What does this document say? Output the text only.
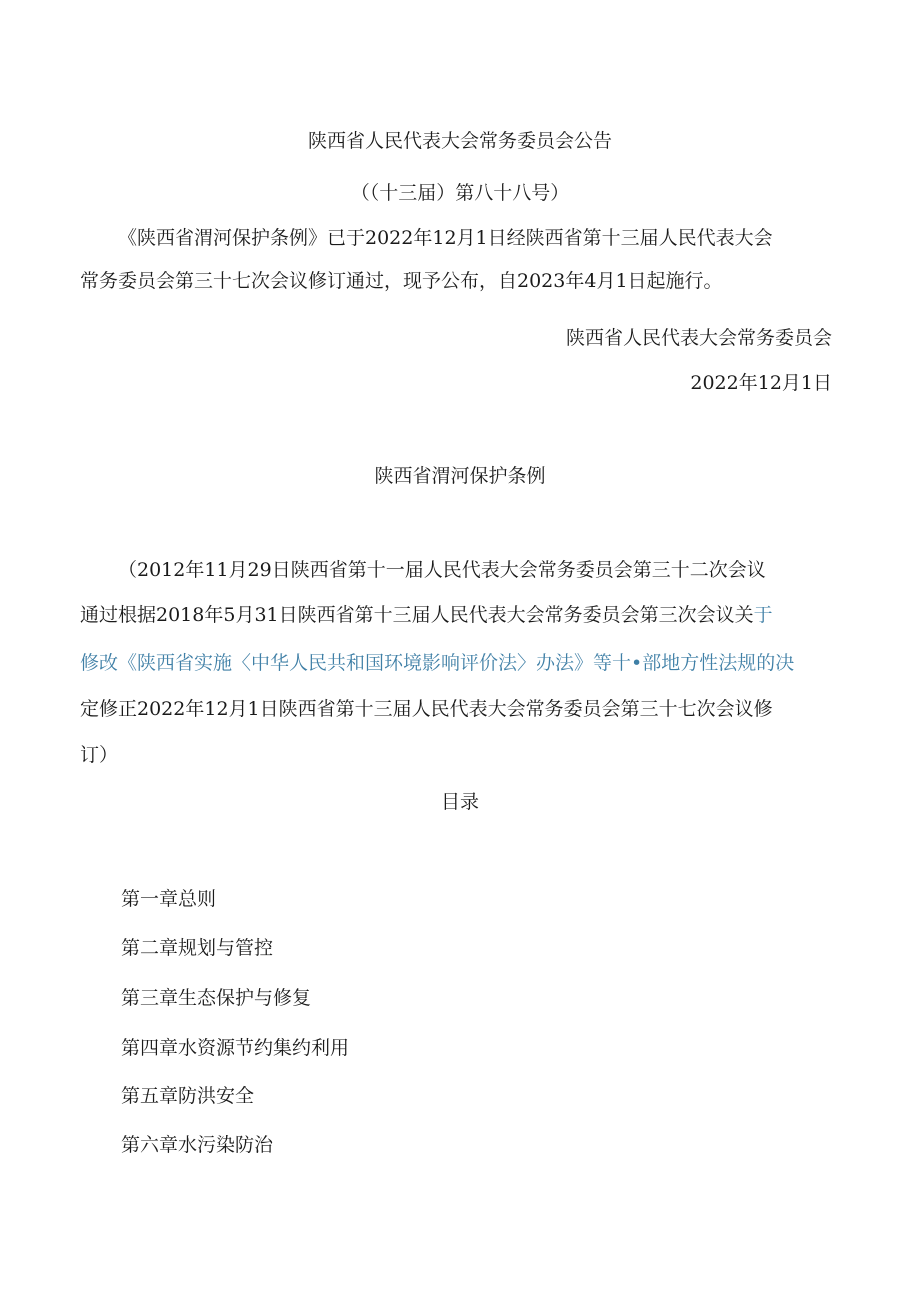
陕西省人民代表大会常务委员会公告
（（十三届）第八十八号）
《陕西省渭河保护条例》已于2022年12月1日经陕西省第十三届人民代表大会
常务委员会第三十七次会议修订通过，现予公布，自2023年4月1日起施行。
陕西省人民代表大会常务委员会
2022年12月1日
陕西省渭河保护条例
（2012年11月29日陕西省第十一届人民代表大会常务委员会第三十二次会议
通过根据2018年5月31日陕西省第十三届人民代表大会常务委员会第三次会议关于
修改《陕西省实施〈中华人民共和国环境影响评价法〉办法》等十•部地方性法规的决
定修正2022年12月1日陕西省第十三届人民代表大会常务委员会第三十七次会议修
订）
目录
第一章总则
第二章规划与管控
第三章生态保护与修复
第四章水资源节约集约利用
第五章防洪安全
第六章水污染防治
